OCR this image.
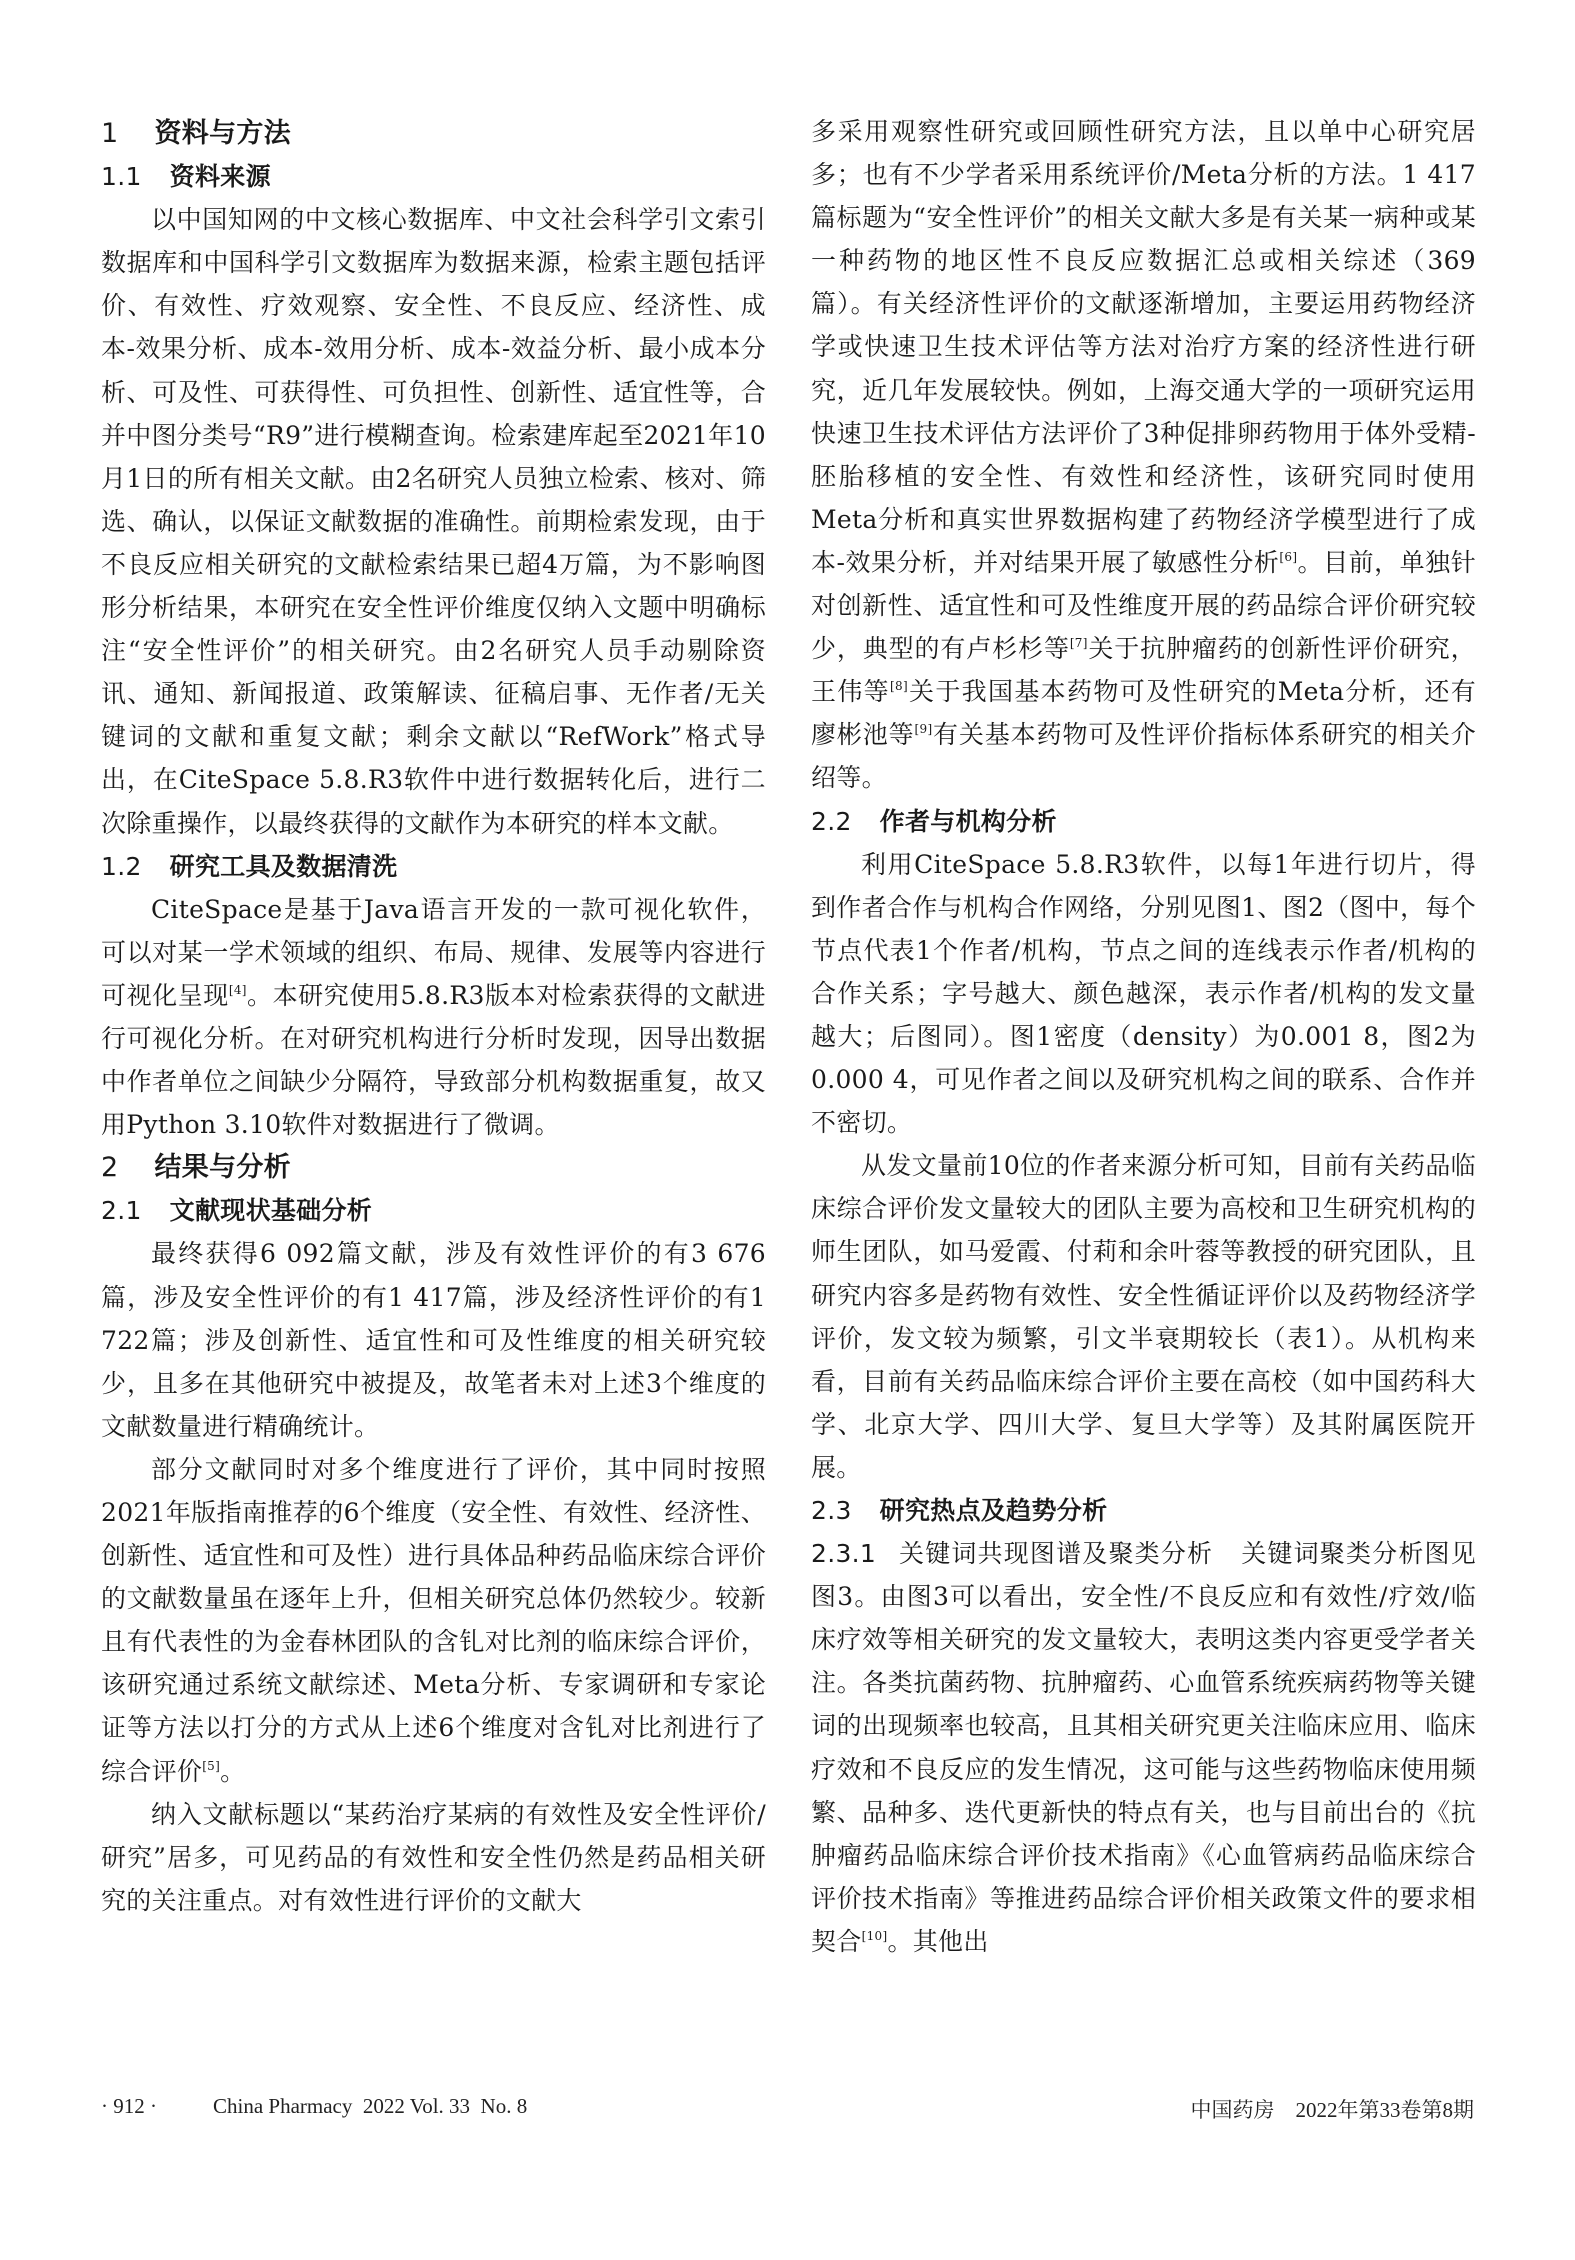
1 资料与方法
1.1 资料来源

以中国知网的中文核心数据库、中文社会科学引文索引数据库和中国科学引文数据库为数据来源，检索主题包括评价、有效性、疗效观察、安全性、不良反应、经济性、成本-效果分析、成本-效用分析、成本-效益分析、最小成本分析、可及性、可获得性、可负担性、创新性、适宜性等，合并中图分类号“R9”进行模糊查询。检索建库起至2021年10月1日的所有相关文献。由2名研究人员独立检索、核对、筛选、确认，以保证文献数据的准确性。前期检索发现，由于不良反应相关研究的文献检索结果已超4万篇，为不影响图形分析结果，本研究在安全性评价维度仅纳入文题中明确标注“安全性评价”的相关研究。由2名研究人员手动剔除资讯、通知、新闻报道、政策解读、征稿启事、无作者/无关键词的文献和重复文献；剩余文献以“RefWork”格式导出，在CiteSpace 5.8.R3软件中进行数据转化后，进行二次除重操作，以最终获得的文献作为本研究的样本文献。

1.2 研究工具及数据清洗

CiteSpace是基于Java语言开发的一款可视化软件，可以对某一学术领域的组织、布局、规律、发展等内容进行可视化呈现[4]。本研究使用5.8.R3版本对检索获得的文献进行可视化分析。在对研究机构进行分析时发现，因导出数据中作者单位之间缺少分隔符，导致部分机构数据重复，故又用Python 3.10软件对数据进行了微调。

2 结果与分析
2.1 文献现状基础分析

最终获得6 092篇文献，涉及有效性评价的有3 676篇，涉及安全性评价的有1 417篇，涉及经济性评价的有1 722篇；涉及创新性、适宜性和可及性维度的相关研究较少，且多在其他研究中被提及，故笔者未对上述3个维度的文献数量进行精确统计。

部分文献同时对多个维度进行了评价，其中同时按照2021年版指南推荐的6个维度（安全性、有效性、经济性、创新性、适宜性和可及性）进行具体品种药品临床综合评价的文献数量虽在逐年上升，但相关研究总体仍然较少。较新且有代表性的为金春林团队的含钆对比剂的临床综合评价，该研究通过系统文献综述、Meta分析、专家调研和专家论证等方法以打分的方式从上述6个维度对含钆对比剂进行了综合评价[5]。

纳入文献标题以“某药治疗某病的有效性及安全性评价/研究”居多，可见药品的有效性和安全性仍然是药品相关研究的关注重点。对有效性进行评价的文献大

多采用观察性研究或回顾性研究方法，且以单中心研究居多；也有不少学者采用系统评价/Meta分析的方法。1 417篇标题为“安全性评价”的相关文献大多是有关某一病种或某一种药物的地区性不良反应数据汇总或相关综述（369篇）。有关经济性评价的文献逐渐增加，主要运用药物经济学或快速卫生技术评估等方法对治疗方案的经济性进行研究，近几年发展较快。例如，上海交通大学的一项研究运用快速卫生技术评估方法评价了3种促排卵药物用于体外受精-胚胎移植的安全性、有效性和经济性，该研究同时使用Meta分析和真实世界数据构建了药物经济学模型进行了成本-效果分析，并对结果开展了敏感性分析[6]。目前，单独针对创新性、适宜性和可及性维度开展的药品综合评价研究较少，典型的有卢杉杉等[7]关于抗肿瘤药的创新性评价研究，王伟等[8]关于我国基本药物可及性研究的Meta分析，还有廖彬池等[9]有关基本药物可及性评价指标体系研究的相关介绍等。

2.2 作者与机构分析

利用CiteSpace 5.8.R3软件，以每1年进行切片，得到作者合作与机构合作网络，分别见图1、图2（图中，每个节点代表1个作者/机构，节点之间的连线表示作者/机构的合作关系；字号越大、颜色越深，表示作者/机构的发文量越大；后图同）。图1密度（density）为0.001 8，图2为0.000 4，可见作者之间以及研究机构之间的联系、合作并不密切。

从发文量前10位的作者来源分析可知，目前有关药品临床综合评价发文量较大的团队主要为高校和卫生研究机构的师生团队，如马爱霞、付莉和余叶蓉等教授的研究团队，且研究内容多是药物有效性、安全性循证评价以及药物经济学评价，发文较为频繁，引文半衰期较长（表1）。从机构来看，目前有关药品临床综合评价主要在高校（如中国药科大学、北京大学、四川大学、复旦大学等）及其附属医院开展。

2.3 研究热点及趋势分析

2.3.1 关键词共现图谱及聚类分析 关键词聚类分析图见图3。由图3可以看出，安全性/不良反应和有效性/疗效/临床疗效等相关研究的发文量较大，表明这类内容更受学者关注。各类抗菌药物、抗肿瘤药、心血管系统疾病药物等关键词的出现频率也较高，且其相关研究更关注临床应用、临床疗效和不良反应的发生情况，这可能与这些药物临床使用频繁、品种多、迭代更新快的特点有关，也与目前出台的《抗肿瘤药品临床综合评价技术指南》《心血管病药品临床综合评价技术指南》等推进药品综合评价相关政策文件的要求相契合[10]。其他出

· 912 ·	China Pharmacy  2022 Vol. 33  No. 8	中国药房　2022年第33卷第8期
